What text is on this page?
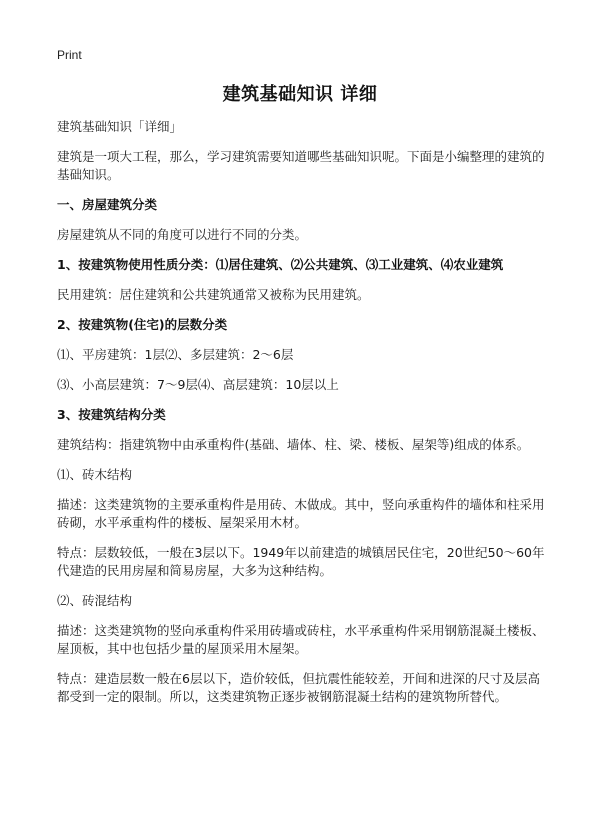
Print
建筑基础知识 详细

建筑基础知识「详细」

建筑是一项大工程，那么，学习建筑需要知道哪些基础知识呢。下面是小编整理的建筑的基础知识。

一、房屋建筑分类

房屋建筑从不同的角度可以进行不同的分类。

1、按建筑物使用性质分类：⑴居住建筑、⑵公共建筑、⑶工业建筑、⑷农业建筑

民用建筑：居住建筑和公共建筑通常又被称为民用建筑。

2、按建筑物(住宅)的层数分类

⑴、平房建筑：1层⑵、多层建筑：2～6层

⑶、小高层建筑：7～9层⑷、高层建筑：10层以上

3、按建筑结构分类

建筑结构：指建筑物中由承重构件(基础、墙体、柱、梁、楼板、屋架等)组成的体系。

⑴、砖木结构

描述：这类建筑物的主要承重构件是用砖、木做成。其中，竖向承重构件的墙体和柱采用砖砌，水平承重构件的楼板、屋架采用木材。

特点：层数较低，一般在3层以下。1949年以前建造的城镇居民住宅，20世纪50～60年代建造的民用房屋和简易房屋，大多为这种结构。

⑵、砖混结构

描述：这类建筑物的竖向承重构件采用砖墙或砖柱，水平承重构件采用钢筋混凝土楼板、屋顶板，其中也包括少量的屋顶采用木屋架。

特点：建造层数一般在6层以下，造价较低，但抗震性能较差，开间和进深的尺寸及层高都受到一定的限制。所以，这类建筑物正逐步被钢筋混凝土结构的建筑物所替代。
